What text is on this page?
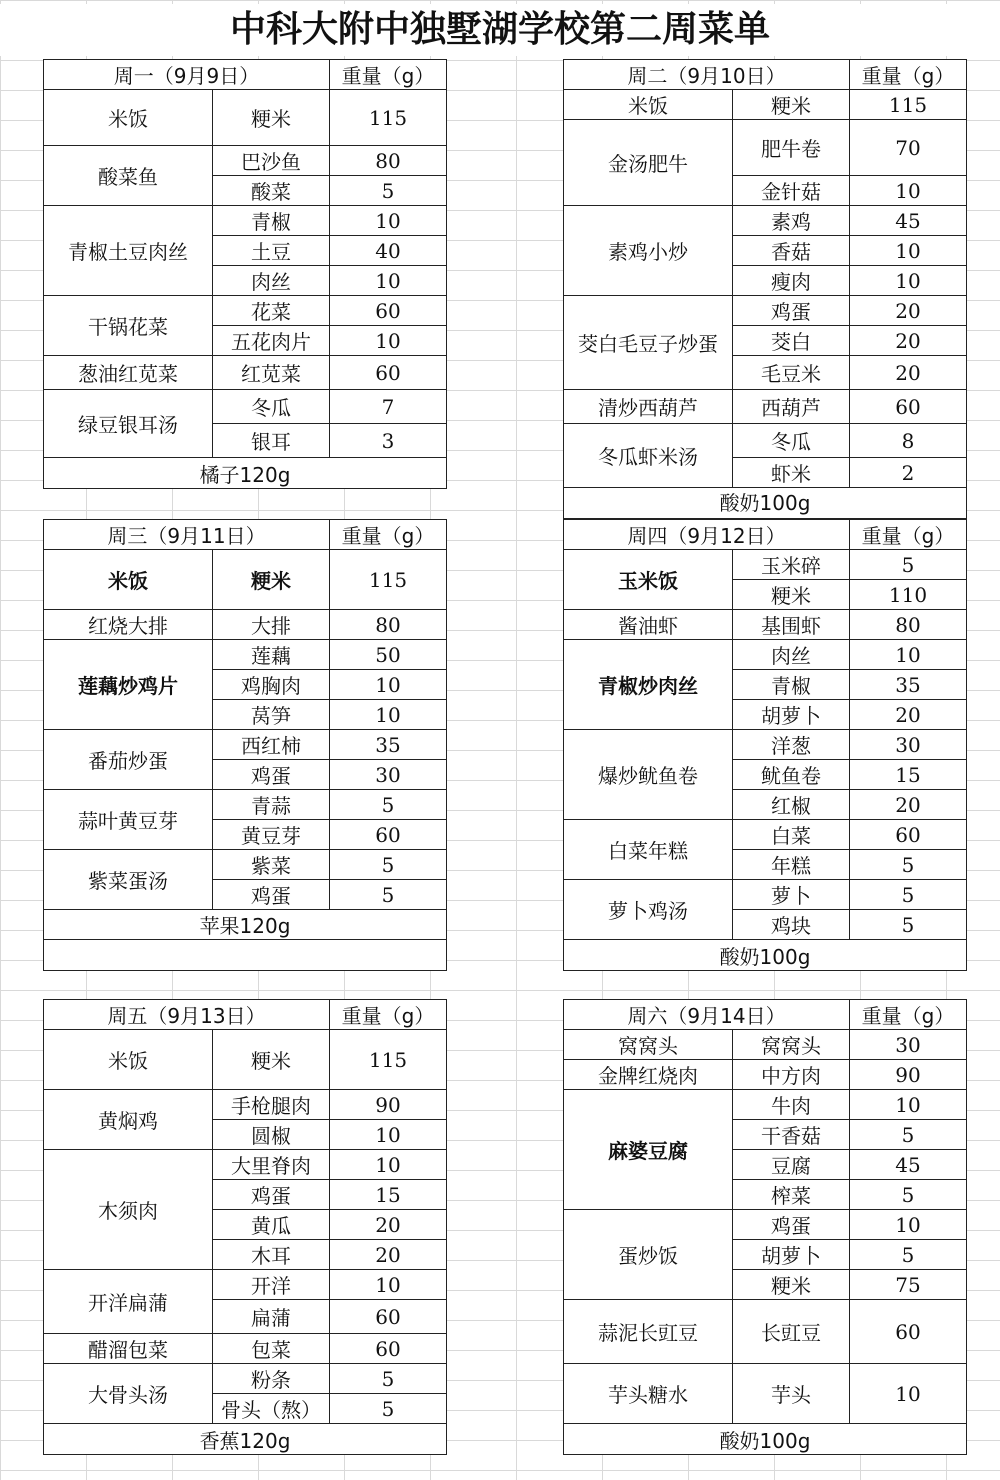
中科大附中独墅湖学校第二周菜单
周一（9月9日）	重量（g）
米饭	粳米	115
酸菜鱼
巴沙鱼	80
酸菜	5
青椒土豆肉丝
青椒	10
土豆	40
肉丝	10
干锅花菜
花菜	60
五花肉片	10
葱油红苋菜	红苋菜	60
绿豆银耳汤
冬瓜	7
银耳	3
橘子120g
周二（9月10日）	重量（g）
米饭	粳米	115
金汤肥牛
肥牛卷	70
金针菇	10
素鸡小炒
素鸡	45
香菇	10
瘦肉	10
茭白毛豆子炒蛋
鸡蛋	20
茭白	20
毛豆米	20
清炒西葫芦	西葫芦	60
冬瓜虾米汤
冬瓜	8
虾米	2
酸奶100g
周三（9月11日）	重量（g）
米饭	粳米	115
红烧大排	大排	80
莲藕炒鸡片
莲藕	50
鸡胸肉	10
莴笋	10
番茄炒蛋
西红柿	35
鸡蛋	30
蒜叶黄豆芽
青蒜	5
黄豆芽	60
紫菜蛋汤
紫菜	5
鸡蛋	5
苹果120g
周四（9月12日）	重量（g）
玉米饭
玉米碎	5
粳米	110
酱油虾	基围虾	80
青椒炒肉丝
肉丝	10
青椒	35
胡萝卜	20
爆炒鱿鱼卷
洋葱	30
鱿鱼卷	15
红椒	20
白菜年糕
白菜	60
年糕	5
萝卜鸡汤
萝卜	5
鸡块	5
酸奶100g
周五（9月13日）	重量（g）
米饭	粳米	115
黄焖鸡
手枪腿肉	90
圆椒	10
木须肉
大里脊肉	10
鸡蛋	15
黄瓜	20
木耳	20
开洋扁蒲
开洋	10
扁蒲	60
醋溜包菜	包菜	60
大骨头汤
粉条	5
骨头（熬）	5
香蕉120g
周六（9月14日）	重量（g）
窝窝头	窝窝头	30
金牌红烧肉	中方肉	90
麻婆豆腐
牛肉	10
干香菇	5
豆腐	45
榨菜	5
蛋炒饭
鸡蛋	10
胡萝卜	5
粳米	75
蒜泥长豇豆	长豇豆	60
芋头糖水	芋头	10
酸奶100g
